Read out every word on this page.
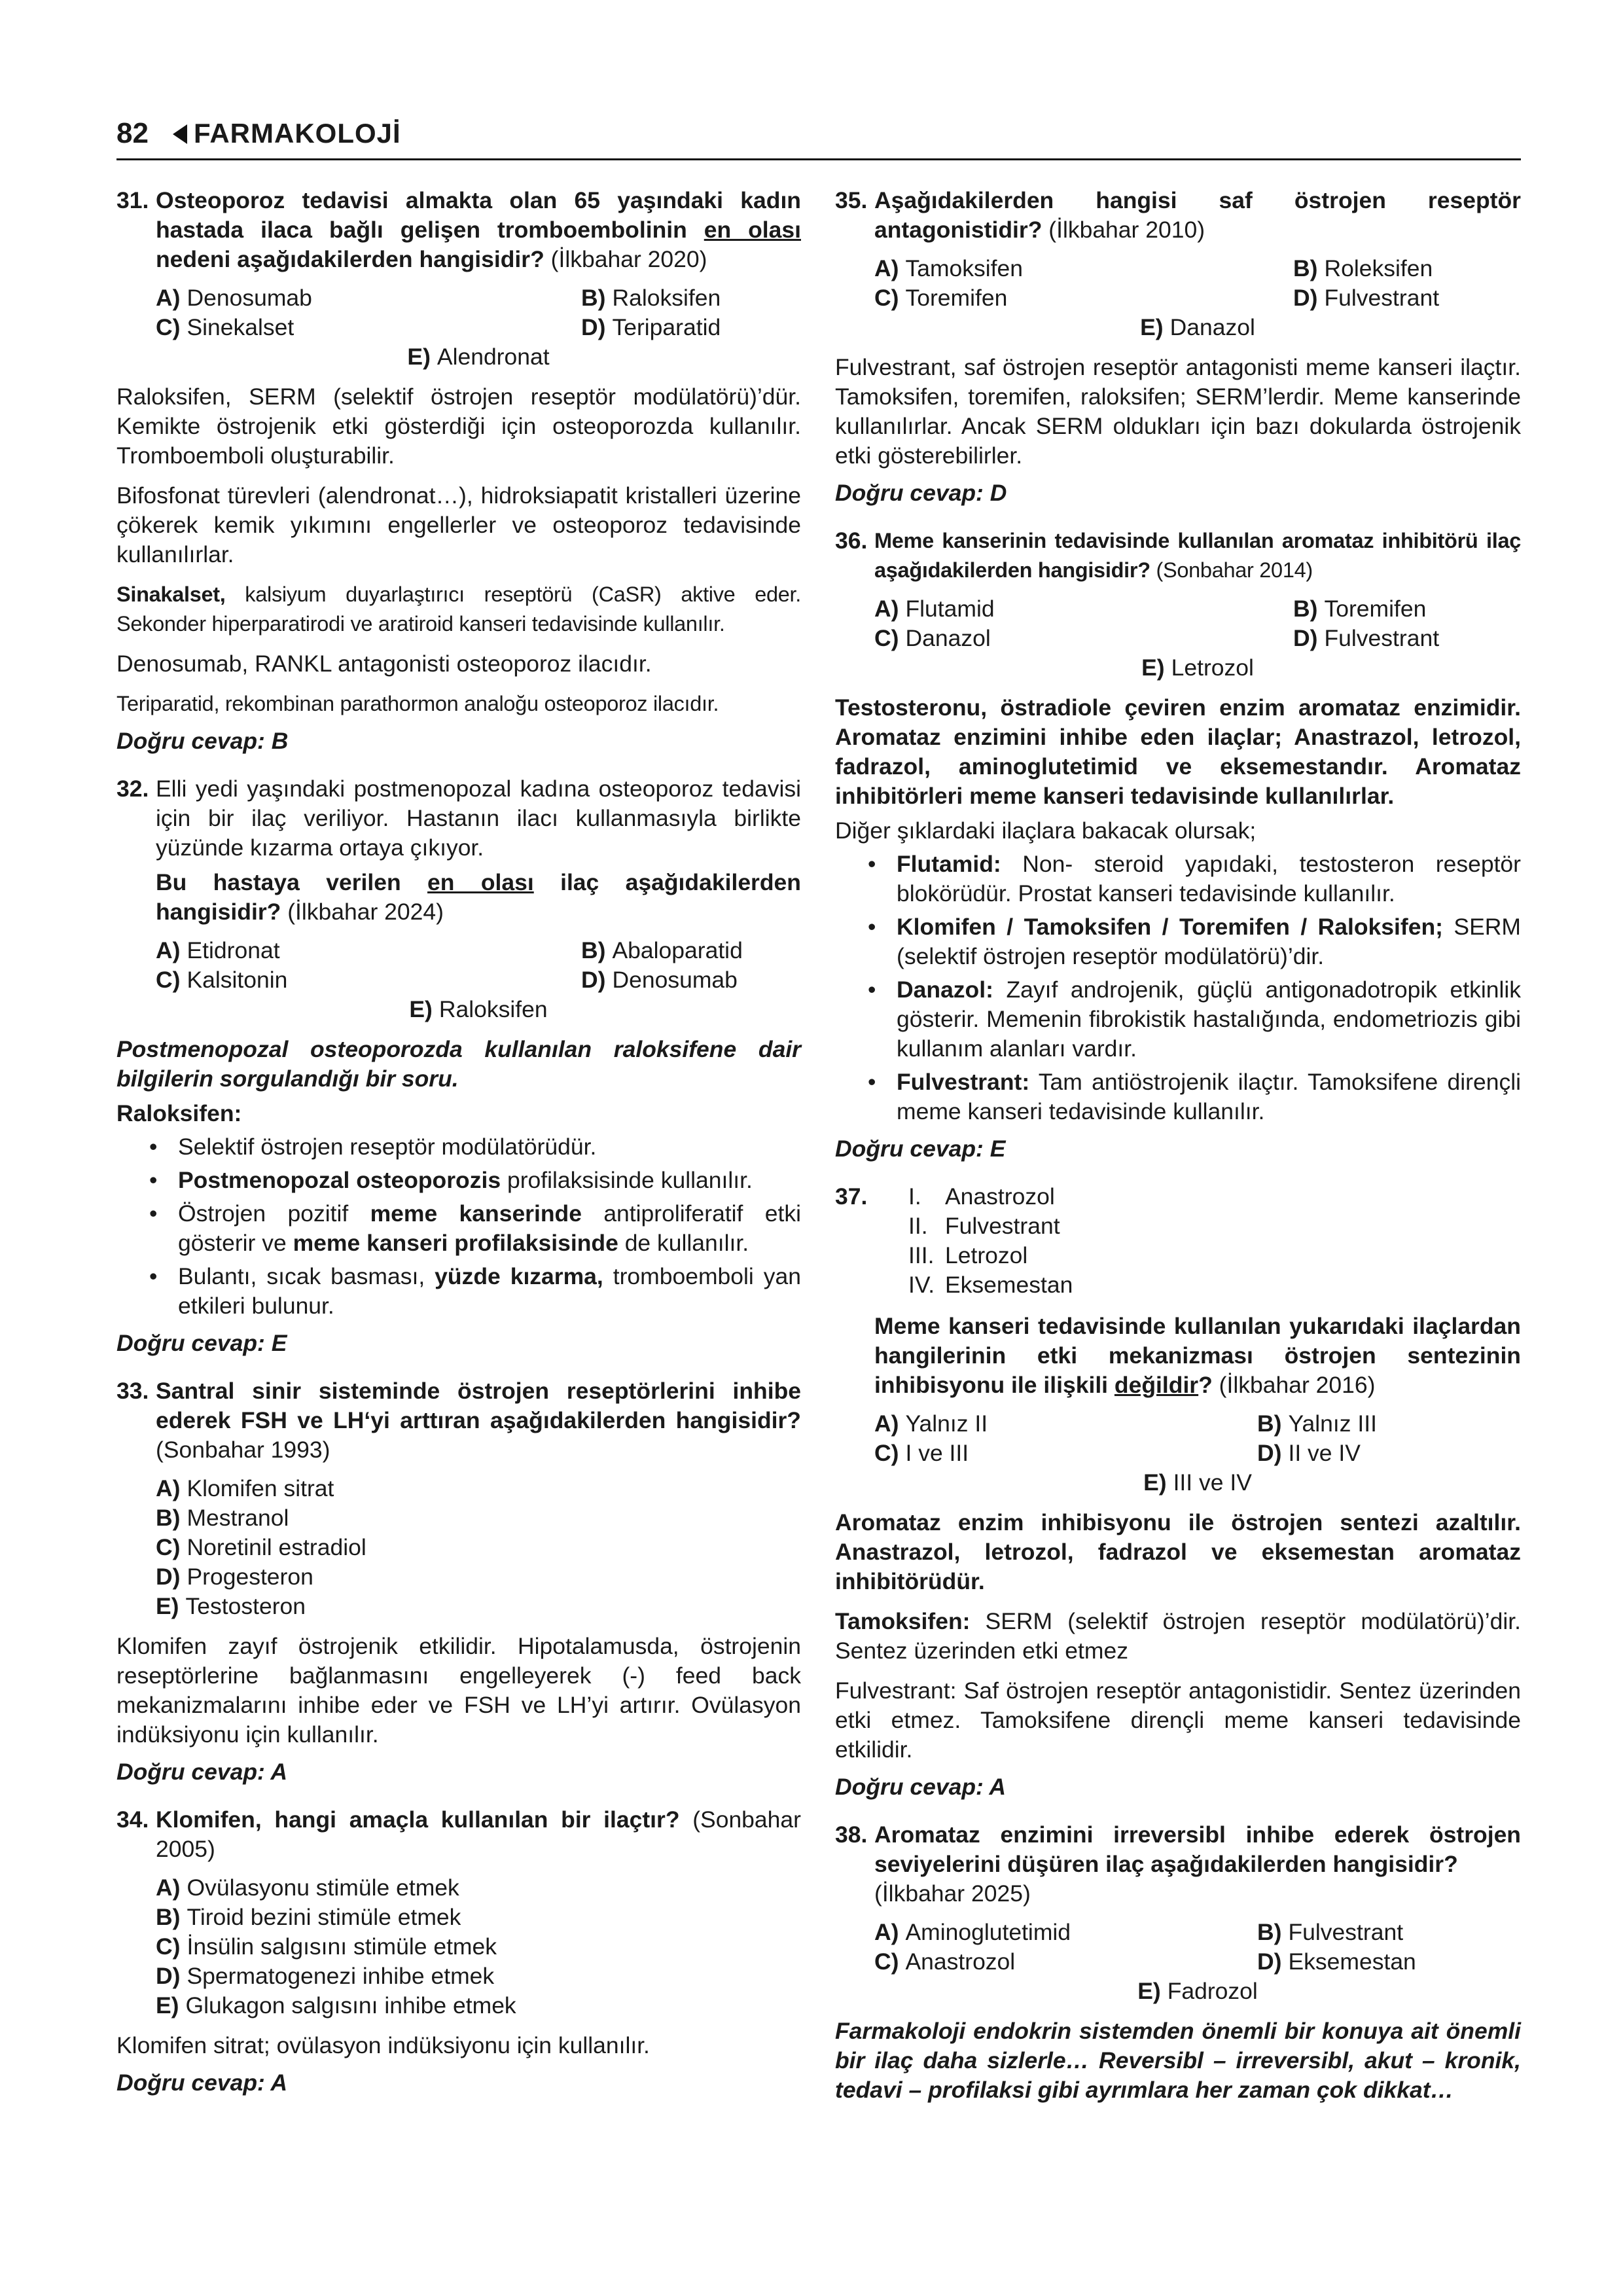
82 FARMAKOLOJİ
31. Osteoporoz tedavisi almakta olan 65 yaşındaki kadın hastada ilaca bağlı gelişen tromboembolinin en olası nedeni aşağıdakilerden hangisidir? (İlkbahar 2020)

A) Denosumab	B) Raloksifen
C) Sinekalset	D) Teriparatid
E) Alendronat

Raloksifen, SERM (selektif östrojen reseptör modülatörü)’dür. Kemikte östrojenik etki gösterdiği için osteoporozda kullanılır. Tromboemboli oluşturabilir.

Bifosfonat türevleri (alendronat…), hidroksiapatit kristalleri üzerine çökerek kemik yıkımını engellerler ve osteoporoz tedavisinde kullanılırlar.

Sinakalset, kalsiyum duyarlaştırıcı reseptörü (CaSR) aktive eder. Sekonder hiperparatirodi ve aratiroid kanseri tedavisinde kullanılır.

Denosumab, RANKL antagonisti osteoporoz ilacıdır.

Teriparatid, rekombinan parathormon analoğu osteoporoz ilacıdır.

Doğru cevap: B

32. Elli yedi yaşındaki postmenopozal kadına osteoporoz tedavisi için bir ilaç veriliyor. Hastanın ilacı kullanmasıyla birlikte yüzünde kızarma ortaya çıkıyor.

Bu hastaya verilen en olası ilaç aşağıdakilerden hangisidir? (İlkbahar 2024)

A) Etidronat	B) Abaloparatid
C) Kalsitonin	D) Denosumab
E) Raloksifen

Postmenopozal osteoporozda kullanılan raloksifene dair bilgilerin sorgulandığı bir soru.

Raloksifen:

• Selektif östrojen reseptör modülatörüdür.
• Postmenopozal osteoporozis profilaksisinde kullanılır.
• Östrojen pozitif meme kanserinde antiproliferatif etki gösterir ve meme kanseri profilaksisinde de kullanılır.
• Bulantı, sıcak basması, yüzde kızarma, tromboemboli yan etkileri bulunur.

Doğru cevap: E

33. Santral sinir sisteminde östrojen reseptörlerini inhibe ederek FSH ve LH‘yi arttıran aşağıdakilerden hangisidir? (Sonbahar 1993)

A) Klomifen sitrat
B) Mestranol
C) Noretinil estradiol
D) Progesteron
E) Testosteron

Klomifen zayıf östrojenik etkilidir. Hipotalamusda, östrojenin reseptörlerine bağlanmasını engelleyerek (-) feed back mekanizmalarını inhibe eder ve FSH ve LH’yi artırır. Ovülasyon indüksiyonu için kullanılır.

Doğru cevap: A

34. Klomifen, hangi amaçla kullanılan bir ilaçtır? (Sonbahar 2005)

A) Ovülasyonu stimüle etmek
B) Tiroid bezini stimüle etmek
C) İnsülin salgısını stimüle etmek
D) Spermatogenezi inhibe etmek
E) Glukagon salgısını inhibe etmek

Klomifen sitrat; ovülasyon indüksiyonu için kullanılır.

Doğru cevap: A

35. Aşağıdakilerden hangisi saf östrojen reseptör antagonistidir? (İlkbahar 2010)

A) Tamoksifen	B) Roleksifen
C) Toremifen	D) Fulvestrant
E) Danazol

Fulvestrant, saf östrojen reseptör antagonisti meme kanseri ilaçtır. Tamoksifen, toremifen, raloksifen; SERM’lerdir. Meme kanserinde kullanılırlar. Ancak SERM oldukları için bazı dokularda östrojenik etki gösterebilirler.

Doğru cevap: D

36. Meme kanserinin tedavisinde kullanılan aromataz inhibitörü ilaç aşağıdakilerden hangisidir? (Sonbahar 2014)

A) Flutamid	B) Toremifen
C) Danazol	D) Fulvestrant
E) Letrozol

Testosteronu, östradiole çeviren enzim aromataz enzimidir. Aromataz enzimini inhibe eden ilaçlar; Anastrazol, letrozol, fadrazol, aminoglutetimid ve eksemestandır. Aromataz inhibitörleri meme kanseri tedavisinde kullanılırlar.

Diğer şıklardaki ilaçlara bakacak olursak;

• Flutamid: Non- steroid yapıdaki, testosteron reseptör blokörüdür. Prostat kanseri tedavisinde kullanılır.
• Klomifen / Tamoksifen / Toremifen / Raloksifen; SERM (selektif östrojen reseptör modülatörü)’dir.
• Danazol: Zayıf androjenik, güçlü antigonadotropik etkinlik gösterir. Memenin fibrokistik hastalığında, endometriozis gibi kullanım alanları vardır.
• Fulvestrant: Tam antiöstrojenik ilaçtır. Tamoksifene dirençli meme kanseri tedavisinde kullanılır.

Doğru cevap: E

37.	I.	Anastrozol
II. Fulvestrant
III. Letrozol
IV. Eksemestan

Meme kanseri tedavisinde kullanılan yukarıdaki ilaçlardan hangilerinin etki mekanizması östrojen sentezinin inhibisyonu ile ilişkili değildir? (İlkbahar 2016)

A) Yalnız II	B) Yalnız III
C) I ve III	D) II ve IV
E) III ve IV

Aromataz enzim inhibisyonu ile östrojen sentezi azaltılır. Anastrazol, letrozol, fadrazol ve eksemestan aromataz inhibitörüdür.

Tamoksifen: SERM (selektif östrojen reseptör modülatörü)’dir. Sentez üzerinden etki etmez

Fulvestrant: Saf östrojen reseptör antagonistidir. Sentez üzerinden etki etmez. Tamoksifene dirençli meme kanseri tedavisinde etkilidir.

Doğru cevap: A

38. Aromataz enzimini irreversibl inhibe ederek östrojen seviyelerini düşüren ilaç aşağıdakilerden hangisidir?
(İlkbahar 2025)

A) Aminoglutetimid	B) Fulvestrant
C) Anastrozol	D) Eksemestan
E) Fadrozol

Farmakoloji endokrin sistemden önemli bir konuya ait önemli bir ilaç daha sizlerle… Reversibl – irreversibl, akut – kronik, tedavi – profilaksi gibi ayrımlara her zaman çok dikkat…
